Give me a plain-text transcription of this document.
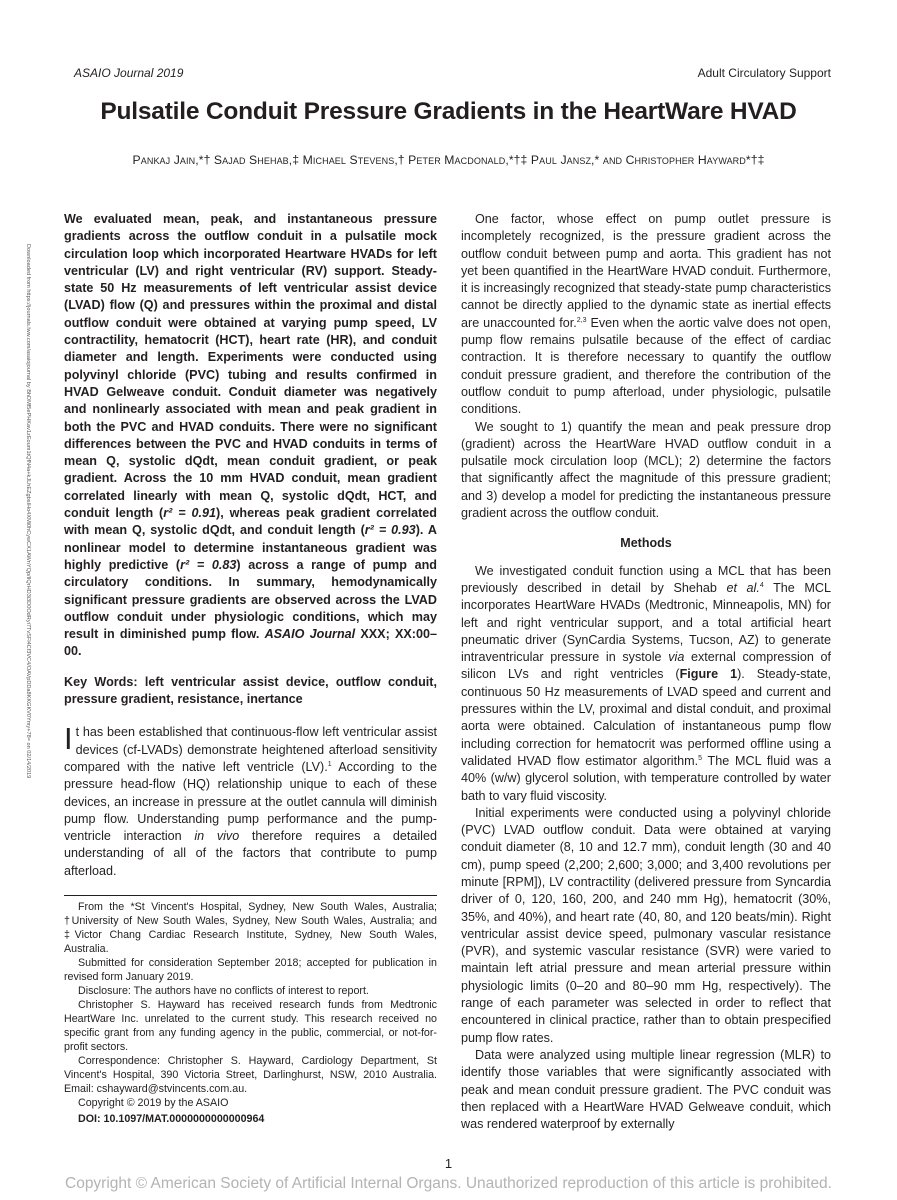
ASAIO Journal 2019	Adult Circulatory Support
Pulsatile Conduit Pressure Gradients in the HeartWare HVAD
Pankaj Jain,*† Sajad Shehab,‡ Michael Stevens,† Peter Macdonald,*†‡ Paul Jansz,* and Christopher Hayward*†‡
Downloaded from https://journals.lww.com/asaiojournal by BhDMf5ePHKav1zEoum1tQfN4a+kJLhEZgbsIHo4XMi0hCywCX1AWnYQp/IlQrHD3i3D0OdRyi7TvSFl4Cf3VC4/OAVpDDa8KKGKV0Ymy+78= on 02/14/2019

We evaluated mean, peak, and instantaneous pressure gradients across the outflow conduit in a pulsatile mock circulation loop which incorporated Heartware HVADs for left ventricular (LV) and right ventricular (RV) support. Steady-state 50 Hz measurements of left ventricular assist device (LVAD) flow (Q) and pressures within the proximal and distal outflow conduit were obtained at varying pump speed, LV contractility, hematocrit (HCT), heart rate (HR), and conduit diameter and length. Experiments were conducted using polyvinyl chloride (PVC) tubing and results confirmed in HVAD Gelweave conduit. Conduit diameter was negatively and nonlinearly associated with mean and peak gradient in both the PVC and HVAD conduits. There were no significant differences between the PVC and HVAD conduits in terms of mean Q, systolic dQdt, mean conduit gradient, or peak gradient. Across the 10 mm HVAD conduit, mean gradient correlated linearly with mean Q, systolic dQdt, HCT, and conduit length (r² = 0.91), whereas peak gradient correlated with mean Q, systolic dQdt, and conduit length (r² = 0.93). A nonlinear model to determine instantaneous gradient was highly predictive (r² = 0.83) across a range of pump and circulatory conditions. In summary, hemodynamically significant pressure gradients are observed across the LVAD outflow conduit under physiologic conditions, which may result in diminished pump flow. ASAIO Journal XXX; XX:00–00.

Key Words: left ventricular assist device, outflow conduit, pressure gradient, resistance, inertance

It has been established that continuous-flow left ventricular assist devices (cf-LVADs) demonstrate heightened afterload sensitivity compared with the native left ventricle (LV).$^1$ According to the pressure head-flow (HQ) relationship unique to each of these devices, an increase in pressure at the outlet cannula will diminish pump flow. Understanding pump performance and the pump-ventricle interaction in vivo therefore requires a detailed understanding of all of the factors that contribute to pump afterload.

From the *St Vincent's Hospital, Sydney, New South Wales, Australia; †University of New South Wales, Sydney, New South Wales, Australia; and ‡Victor Chang Cardiac Research Institute, Sydney, New South Wales, Australia.

Submitted for consideration September 2018; accepted for publication in revised form January 2019.

Disclosure: The authors have no conflicts of interest to report.

Christopher S. Hayward has received research funds from Medtronic HeartWare Inc. unrelated to the current study. This research received no specific grant from any funding agency in the public, commercial, or not-for-profit sectors.

Correspondence: Christopher S. Hayward, Cardiology Department, St Vincent's Hospital, 390 Victoria Street, Darlinghurst, NSW, 2010 Australia. Email: cshayward@stvincents.com.au.

Copyright © 2019 by the ASAIO

DOI: 10.1097/MAT.0000000000000964

One factor, whose effect on pump outlet pressure is incompletely recognized, is the pressure gradient across the outflow conduit between pump and aorta. This gradient has not yet been quantified in the HeartWare HVAD conduit. Furthermore, it is increasingly recognized that steady-state pump characteristics cannot be directly applied to the dynamic state as inertial effects are unaccounted for.$^{2,3}$ Even when the aortic valve does not open, pump flow remains pulsatile because of the effect of cardiac contraction. It is therefore necessary to quantify the outflow conduit pressure gradient, and therefore the contribution of the outflow conduit to pump afterload, under physiologic, pulsatile conditions.

We sought to 1) quantify the mean and peak pressure drop (gradient) across the HeartWare HVAD outflow conduit in a pulsatile mock circulation loop (MCL); 2) determine the factors that significantly affect the magnitude of this pressure gradient; and 3) develop a model for predicting the instantaneous pressure gradient across the outflow conduit.

Methods

We investigated conduit function using a MCL that has been previously described in detail by Shehab et al.$^4$ The MCL incorporates HeartWare HVADs (Medtronic, Minneapolis, MN) for left and right ventricular support, and a total artificial heart pneumatic driver (SynCardia Systems, Tucson, AZ) to generate intraventricular pressure in systole via external compression of silicon LVs and right ventricles (Figure 1). Steady-state, continuous 50 Hz measurements of LVAD speed and current and pressures within the LV, proximal and distal conduit, and proximal aorta were obtained. Calculation of instantaneous pump flow including correction for hematocrit was performed offline using a validated HVAD flow estimator algorithm.$^5$ The MCL fluid was a 40% (w/w) glycerol solution, with temperature controlled by water bath to vary fluid viscosity.

Initial experiments were conducted using a polyvinyl chloride (PVC) LVAD outflow conduit. Data were obtained at varying conduit diameter (8, 10 and 12.7 mm), conduit length (30 and 40 cm), pump speed (2,200; 2,600; 3,000; and 3,400 revolutions per minute [RPM]), LV contractility (delivered pressure from Syncardia driver of 0, 120, 160, 200, and 240 mm Hg), hematocrit (30%, 35%, and 40%), and heart rate (40, 80, and 120 beats/min). Right ventricular assist device speed, pulmonary vascular resistance (PVR), and systemic vascular resistance (SVR) were varied to maintain left atrial pressure and mean arterial pressure within physiologic limits (0–20 and 80–90 mm Hg, respectively). The range of each parameter was selected in order to reflect that encountered in clinical practice, rather than to obtain prespecified pump flow rates.

Data were analyzed using multiple linear regression (MLR) to identify those variables that were significantly associated with peak and mean conduit pressure gradient. The PVC conduit was then replaced with a HeartWare HVAD Gelweave conduit, which was rendered waterproof by externally

1
Copyright © American Society of Artificial Internal Organs. Unauthorized reproduction of this article is prohibited.
